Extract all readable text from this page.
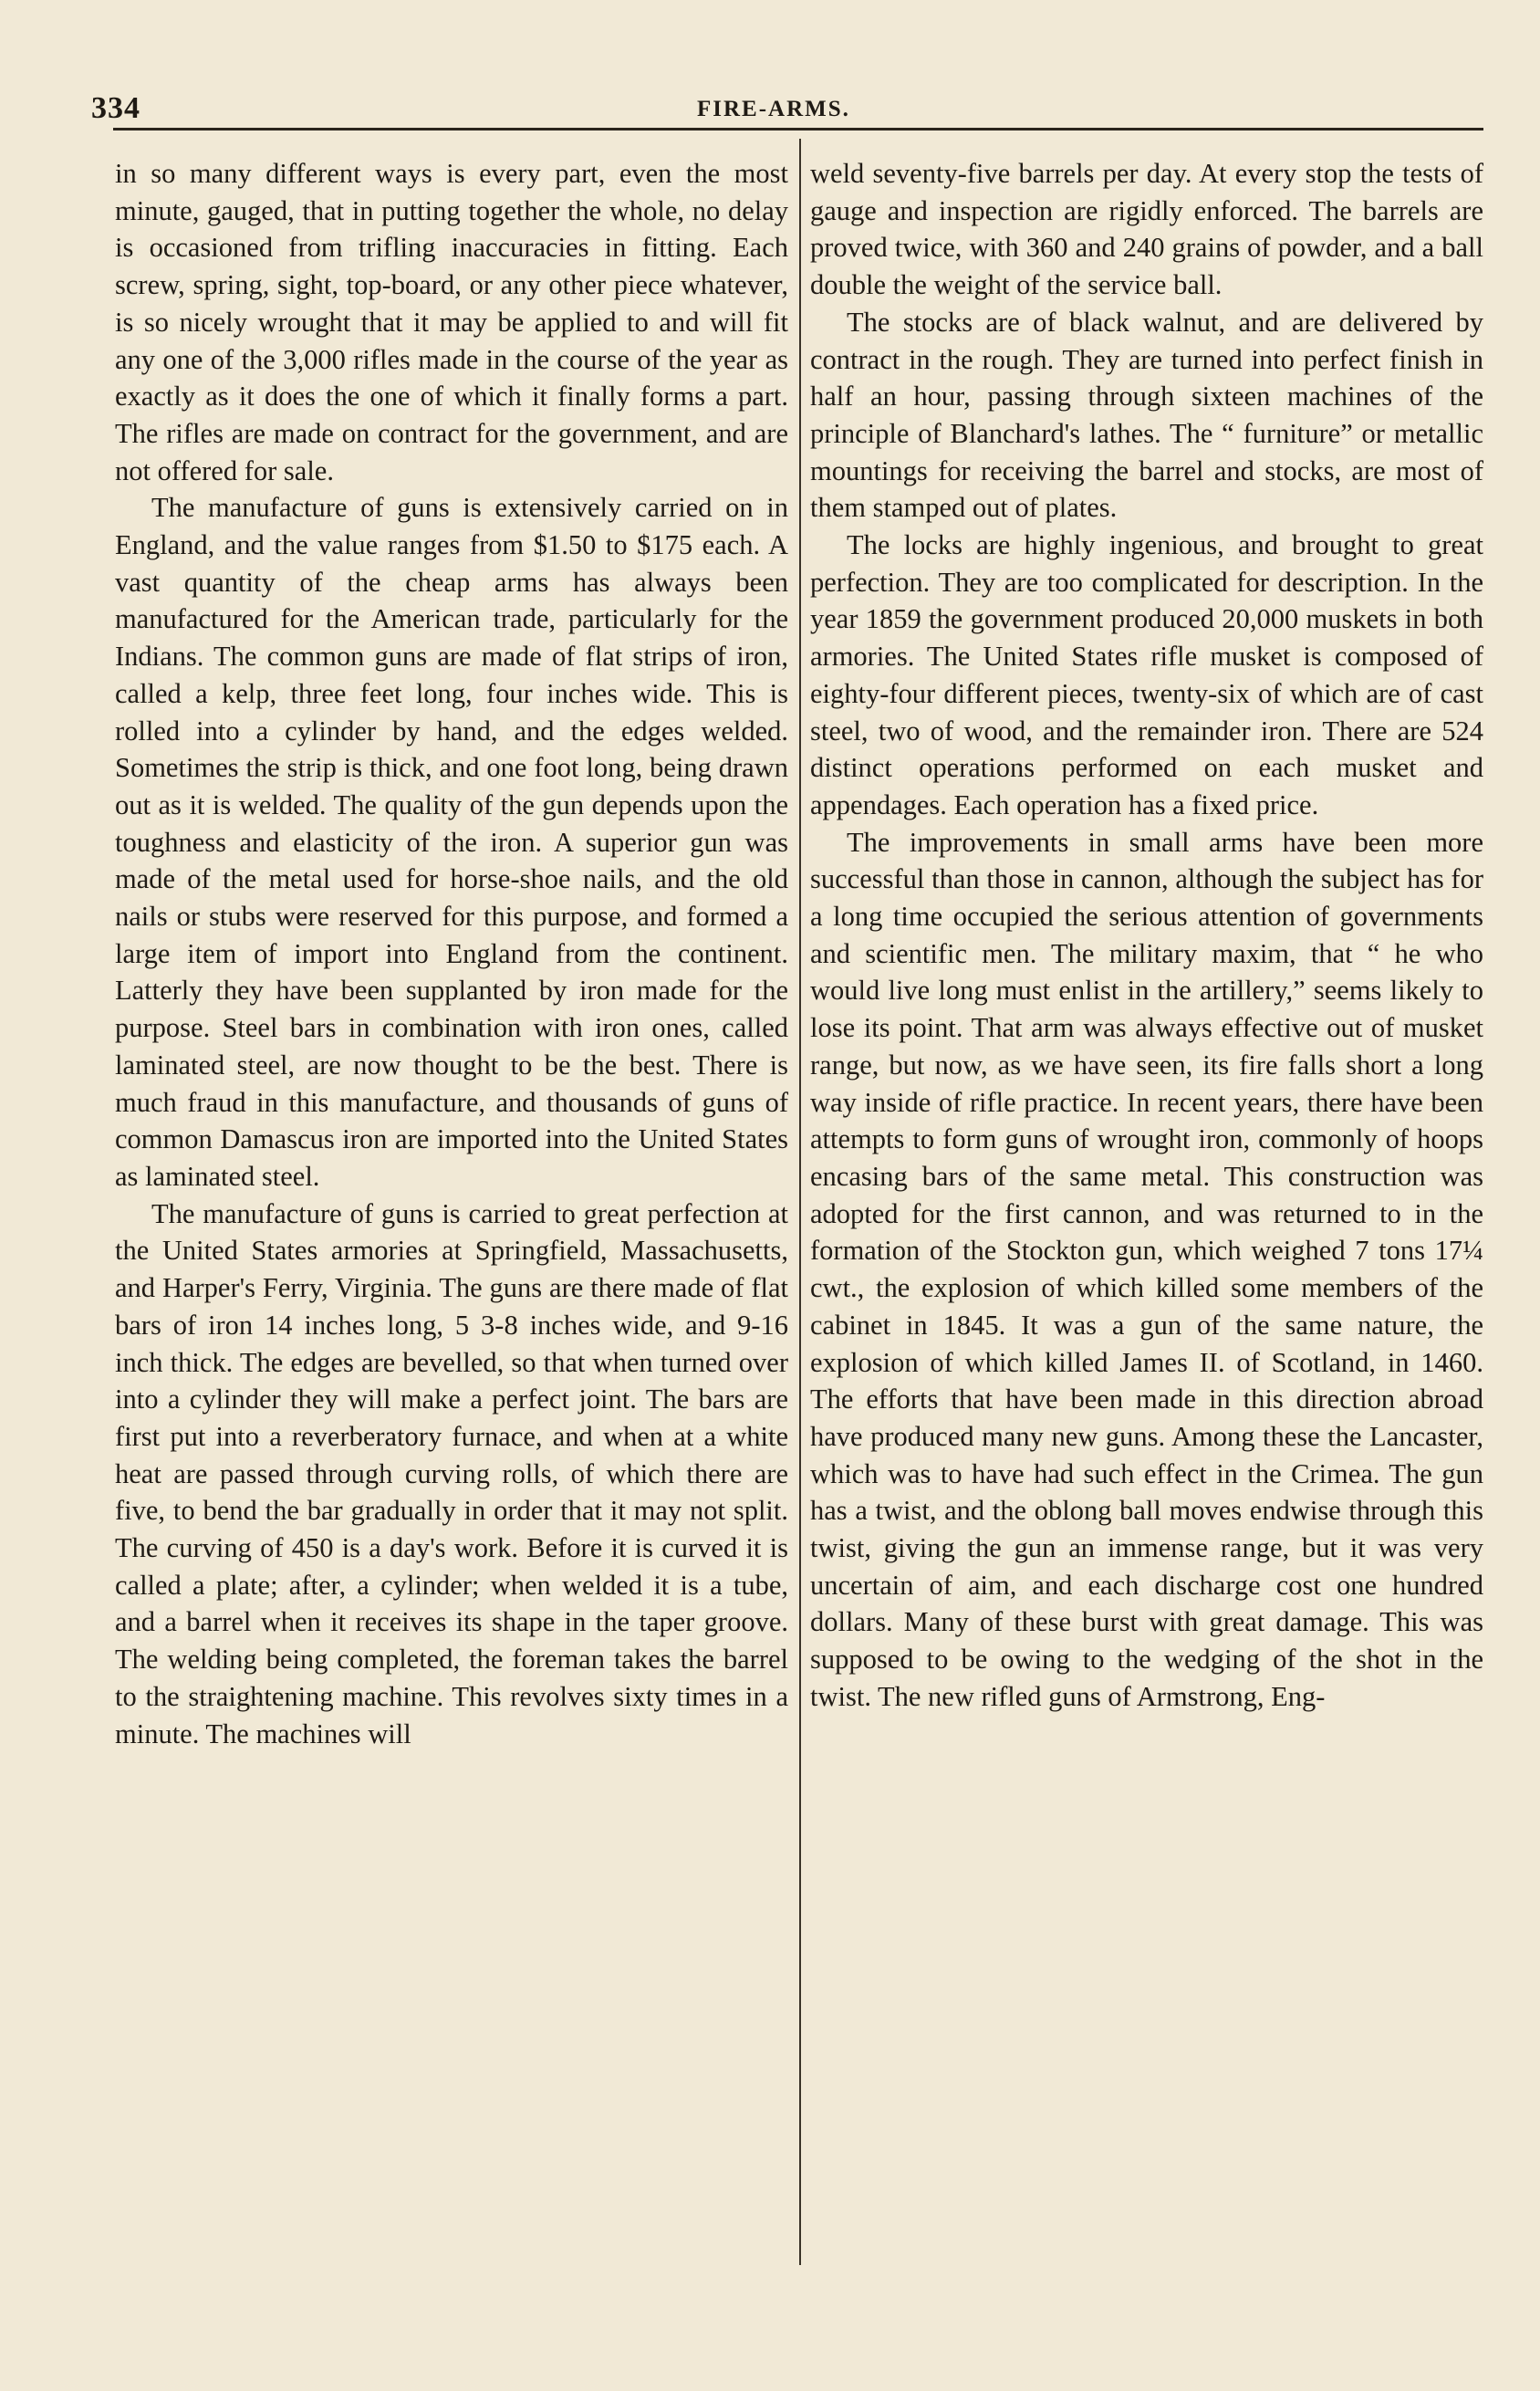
334	FIRE-ARMS.

in so many different ways is every part, even the most minute, gauged, that in putting together the whole, no delay is occasioned from trifling inaccuracies in fitting. Each screw, spring, sight, top-board, or any other piece whatever, is so nicely wrought that it may be applied to and will fit any one of the 3,000 rifles made in the course of the year as exactly as it does the one of which it finally forms a part. The rifles are made on contract for the government, and are not offered for sale.

The manufacture of guns is extensively carried on in England, and the value ranges from $1.50 to $175 each. A vast quantity of the cheap arms has always been manufactured for the American trade, particularly for the Indians. The common guns are made of flat strips of iron, called a kelp, three feet long, four inches wide. This is rolled into a cylinder by hand, and the edges welded. Sometimes the strip is thick, and one foot long, being drawn out as it is welded. The quality of the gun depends upon the toughness and elasticity of the iron. A superior gun was made of the metal used for horse-shoe nails, and the old nails or stubs were reserved for this purpose, and formed a large item of import into England from the continent. Latterly they have been supplanted by iron made for the purpose. Steel bars in combination with iron ones, called laminated steel, are now thought to be the best. There is much fraud in this manufacture, and thousands of guns of common Damascus iron are imported into the United States as laminated steel.

The manufacture of guns is carried to great perfection at the United States armories at Springfield, Massachusetts, and Harper's Ferry, Virginia. The guns are there made of flat bars of iron 14 inches long, 5 3-8 inches wide, and 9-16 inch thick. The edges are bevelled, so that when turned over into a cylinder they will make a perfect joint. The bars are first put into a reverberatory furnace, and when at a white heat are passed through curving rolls, of which there are five, to bend the bar gradually in order that it may not split. The curving of 450 is a day's work. Before it is curved it is called a plate; after, a cylinder; when welded it is a tube, and a barrel when it receives its shape in the taper groove. The welding being completed, the foreman takes the barrel to the straightening machine. This revolves sixty times in a minute. The machines will

weld seventy-five barrels per day. At every stop the tests of gauge and inspection are rigidly enforced. The barrels are proved twice, with 360 and 240 grains of powder, and a ball double the weight of the service ball.

The stocks are of black walnut, and are delivered by contract in the rough. They are turned into perfect finish in half an hour, passing through sixteen machines of the principle of Blanchard's lathes. The “ furniture” or metallic mountings for receiving the barrel and stocks, are most of them stamped out of plates.

The locks are highly ingenious, and brought to great perfection. They are too complicated for description. In the year 1859 the government produced 20,000 muskets in both armories. The United States rifle musket is composed of eighty-four different pieces, twenty-six of which are of cast steel, two of wood, and the remainder iron. There are 524 distinct operations performed on each musket and appendages. Each operation has a fixed price.

The improvements in small arms have been more successful than those in cannon, although the subject has for a long time occupied the serious attention of governments and scientific men. The military maxim, that “ he who would live long must enlist in the artillery,” seems likely to lose its point. That arm was always effective out of musket range, but now, as we have seen, its fire falls short a long way inside of rifle practice. In recent years, there have been attempts to form guns of wrought iron, commonly of hoops encasing bars of the same metal. This construction was adopted for the first cannon, and was returned to in the formation of the Stockton gun, which weighed 7 tons 17¼ cwt., the explosion of which killed some members of the cabinet in 1845. It was a gun of the same nature, the explosion of which killed James II. of Scotland, in 1460. The efforts that have been made in this direction abroad have produced many new guns. Among these the Lancaster, which was to have had such effect in the Crimea. The gun has a twist, and the oblong ball moves endwise through this twist, giving the gun an immense range, but it was very uncertain of aim, and each discharge cost one hundred dollars. Many of these burst with great damage. This was supposed to be owing to the wedging of the shot in the twist. The new rifled guns of Armstrong, Eng-
